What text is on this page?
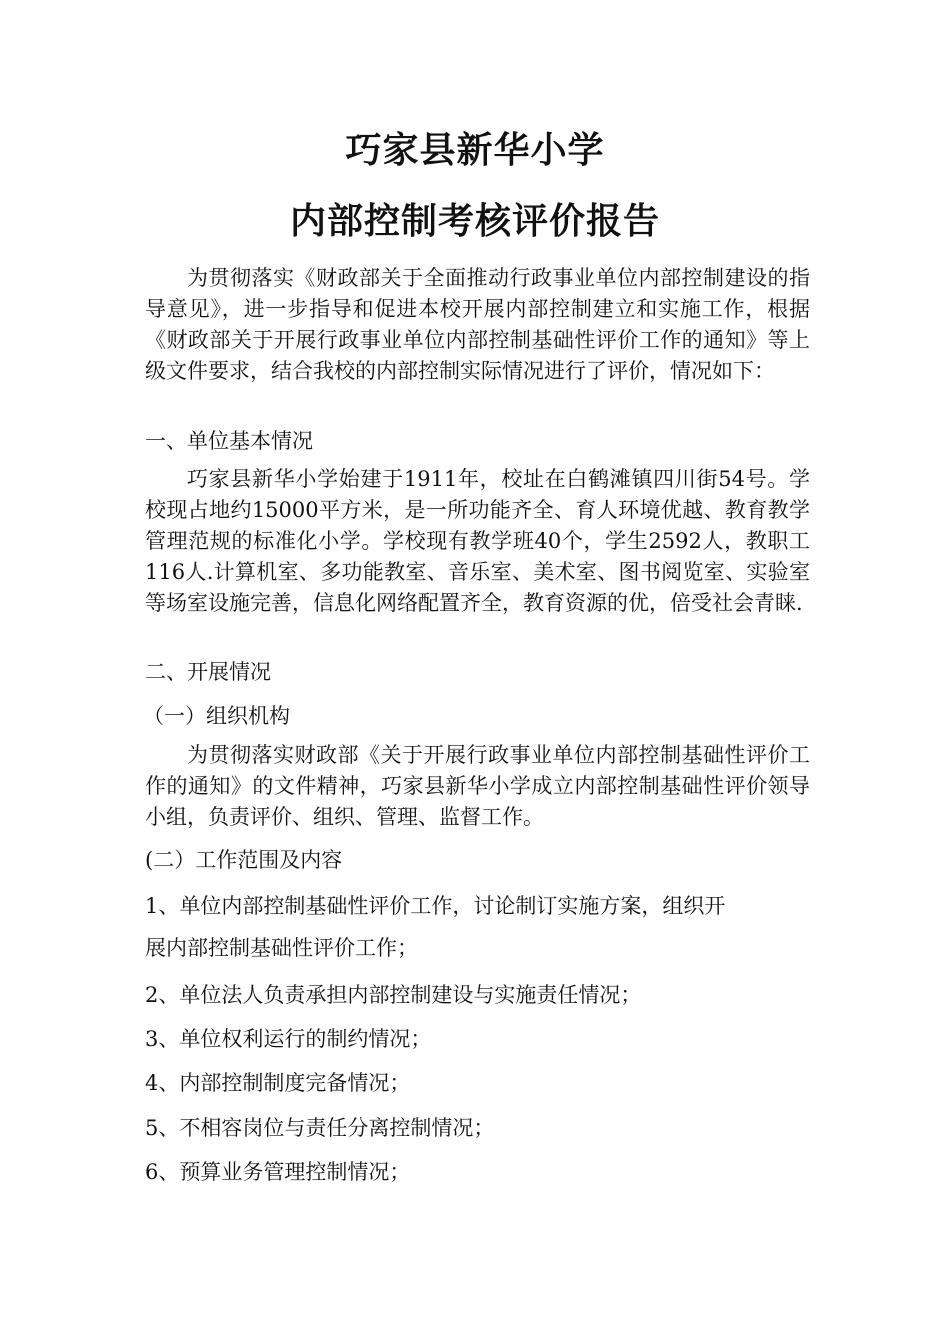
巧家县新华小学
内部控制考核评价报告

为贯彻落实《财政部关于全面推动行政事业单位内部控制建设的指导意见》，进一步指导和促进本校开展内部控制建立和实施工作，根据《财政部关于开展行政事业单位内部控制基础性评价工作的通知》等上级文件要求，结合我校的内部控制实际情况进行了评价，情况如下：

一、单位基本情况

巧家县新华小学始建于1911年，校址在白鹤滩镇四川街54号。学校现占地约15000平方米，是一所功能齐全、育人环境优越、教育教学管理范规的标准化小学。学校现有教学班40个，学生2592人，教职工116人.计算机室、多功能教室、音乐室、美术室、图书阅览室、实验室等场室设施完善，信息化网络配置齐全，教育资源的优，倍受社会青睐.

二、开展情况
（一）组织机构

为贯彻落实财政部《关于开展行政事业单位内部控制基础性评价工作的通知》的文件精神，巧家县新华小学成立内部控制基础性评价领导小组，负责评价、组织、管理、监督工作。

(二）工作范围及内容
1、单位内部控制基础性评价工作，讨论制订实施方案，组织开
展内部控制基础性评价工作；
2、单位法人负责承担内部控制建设与实施责任情况；
3、单位权利运行的制约情况；
4、内部控制制度完备情况；
5、不相容岗位与责任分离控制情况；
6、预算业务管理控制情况；
